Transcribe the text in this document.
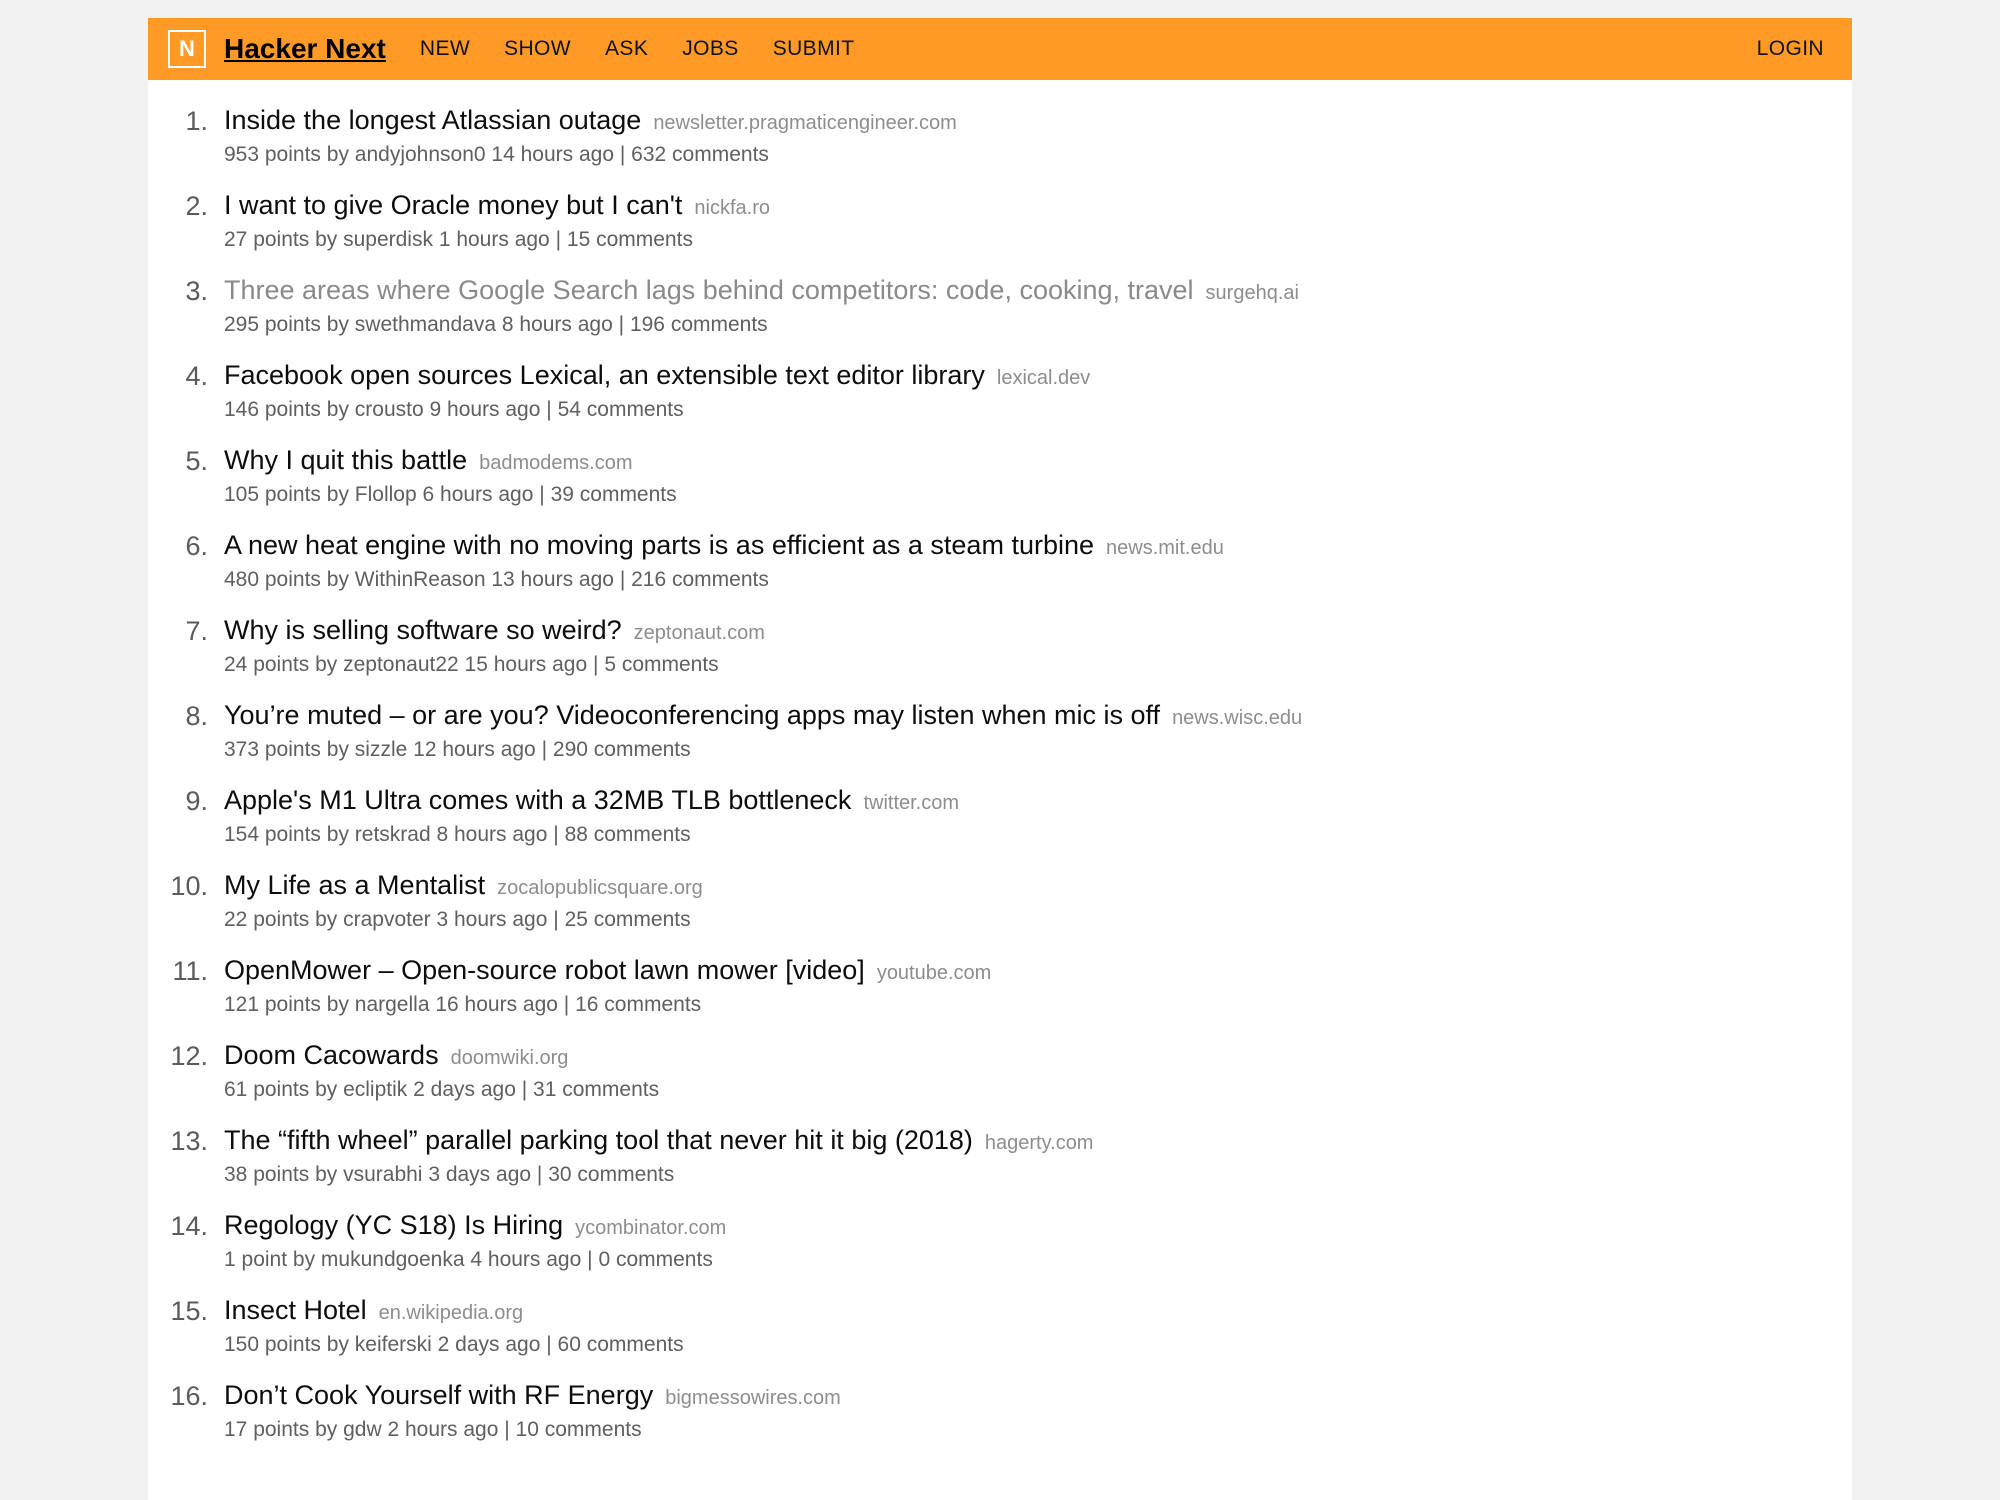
N Hacker Next NEW SHOW ASK JOBS SUBMIT	LOGIN
1. Inside the longest Atlassian outage newsletter.pragmaticengineer.com
953 points by andyjohnson0 14 hours ago | 632 comments
2. I want to give Oracle money but I can't nickfa.ro
27 points by superdisk 1 hours ago | 15 comments
3. Three areas where Google Search lags behind competitors: code, cooking, travel surgehq.ai
295 points by swethmandava 8 hours ago | 196 comments
4. Facebook open sources Lexical, an extensible text editor library lexical.dev
146 points by crousto 9 hours ago | 54 comments
5. Why I quit this battle badmodems.com
105 points by Flollop 6 hours ago | 39 comments
6. A new heat engine with no moving parts is as efficient as a steam turbine news.mit.edu
480 points by WithinReason 13 hours ago | 216 comments
7. Why is selling software so weird? zeptonaut.com
24 points by zeptonaut22 15 hours ago | 5 comments
8. You’re muted – or are you? Videoconferencing apps may listen when mic is off news.wisc.edu
373 points by sizzle 12 hours ago | 290 comments
9. Apple's M1 Ultra comes with a 32MB TLB bottleneck twitter.com
154 points by retskrad 8 hours ago | 88 comments
10. My Life as a Mentalist zocalopublicsquare.org
22 points by crapvoter 3 hours ago | 25 comments
11. OpenMower – Open-source robot lawn mower [video] youtube.com
121 points by nargella 16 hours ago | 16 comments
12. Doom Cacowards doomwiki.org
61 points by ecliptik 2 days ago | 31 comments
13. The “fifth wheel” parallel parking tool that never hit it big (2018) hagerty.com
38 points by vsurabhi 3 days ago | 30 comments
14. Regology (YC S18) Is Hiring ycombinator.com
1 point by mukundgoenka 4 hours ago | 0 comments
15. Insect Hotel en.wikipedia.org
150 points by keiferski 2 days ago | 60 comments
16. Don’t Cook Yourself with RF Energy bigmessowires.com
17 points by gdw 2 hours ago | 10 comments
